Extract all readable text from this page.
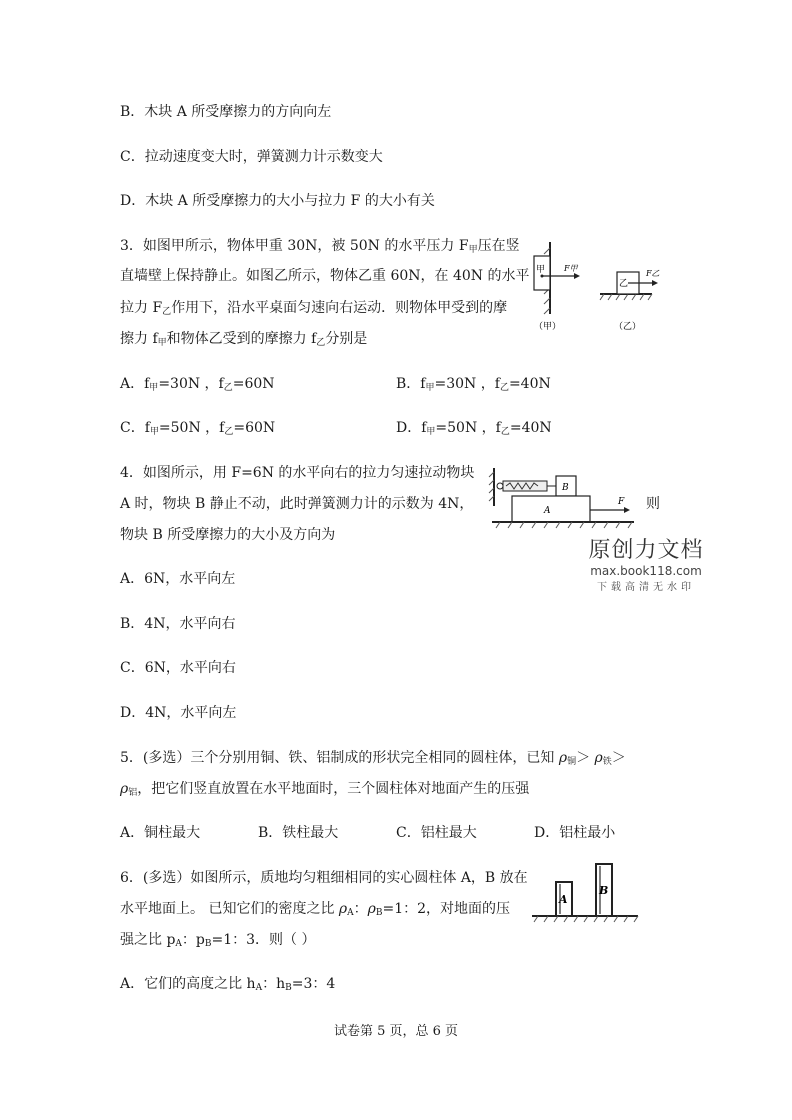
B．木块 A 所受摩擦力的方向向左
C．拉动速度变大时，弹簧测力计示数变大
D．木块 A 所受摩擦力的大小与拉力 F 的大小有关
3．如图甲所示，物体甲重 30N，被 50N 的水平压力 $F_甲$压在竖
直墙壁上保持静止。如图乙所示，物体乙重 60N，在 40N 的水平
拉力 $F_乙$作用下，沿水平桌面匀速向右运动．则物体甲受到的摩
擦力 $f_甲$和物体乙受到的摩擦力 $f_乙$分别是
甲 F甲
乙
F乙
（甲）	（乙）
A．$f_甲=30N$ ，$f_乙=60N$	B．$f_甲=30N$ ，$f_乙=40N$
C．$f_甲=50N$ ，$f_乙=60N$	D．$f_甲=50N$ ，$f_乙=40N$
4．如图所示，用 F=6N 的水平向右的拉力匀速拉动物块
A 时，物块 B 静止不动，此时弹簧测力计的示数为 4N，	则
物块 B 所受摩擦力的大小及方向为
B
A
F
原创力文档
max.book118.com
下载高清无水印
A．6N，水平向左
B．4N，水平向右
C．6N，水平向右
D．4N，水平向左
5．(多选）三个分别用铜、铁、铝制成的形状完全相同的圆柱体，已知 $\rho_铜> \rho_铁>$
$\rho_铝$，把它们竖直放置在水平地面时，三个圆柱体对地面产生的压强
A．铜柱最大	B．铁柱最大	C．铝柱最大	D．铝柱最小
6．(多选）如图所示，质地均匀粗细相同的实心圆柱体 A，B 放在
水平地面上。 已知它们的密度之比 $\rho_A$：$\rho_B=1$：2，对地面的压
强之比 $p_A$：$p_B=1$：3．则（ ）
A
B
A．它们的高度之比 $h_A$：$h_B=3$：4
试卷第 5 页，总 6 页
